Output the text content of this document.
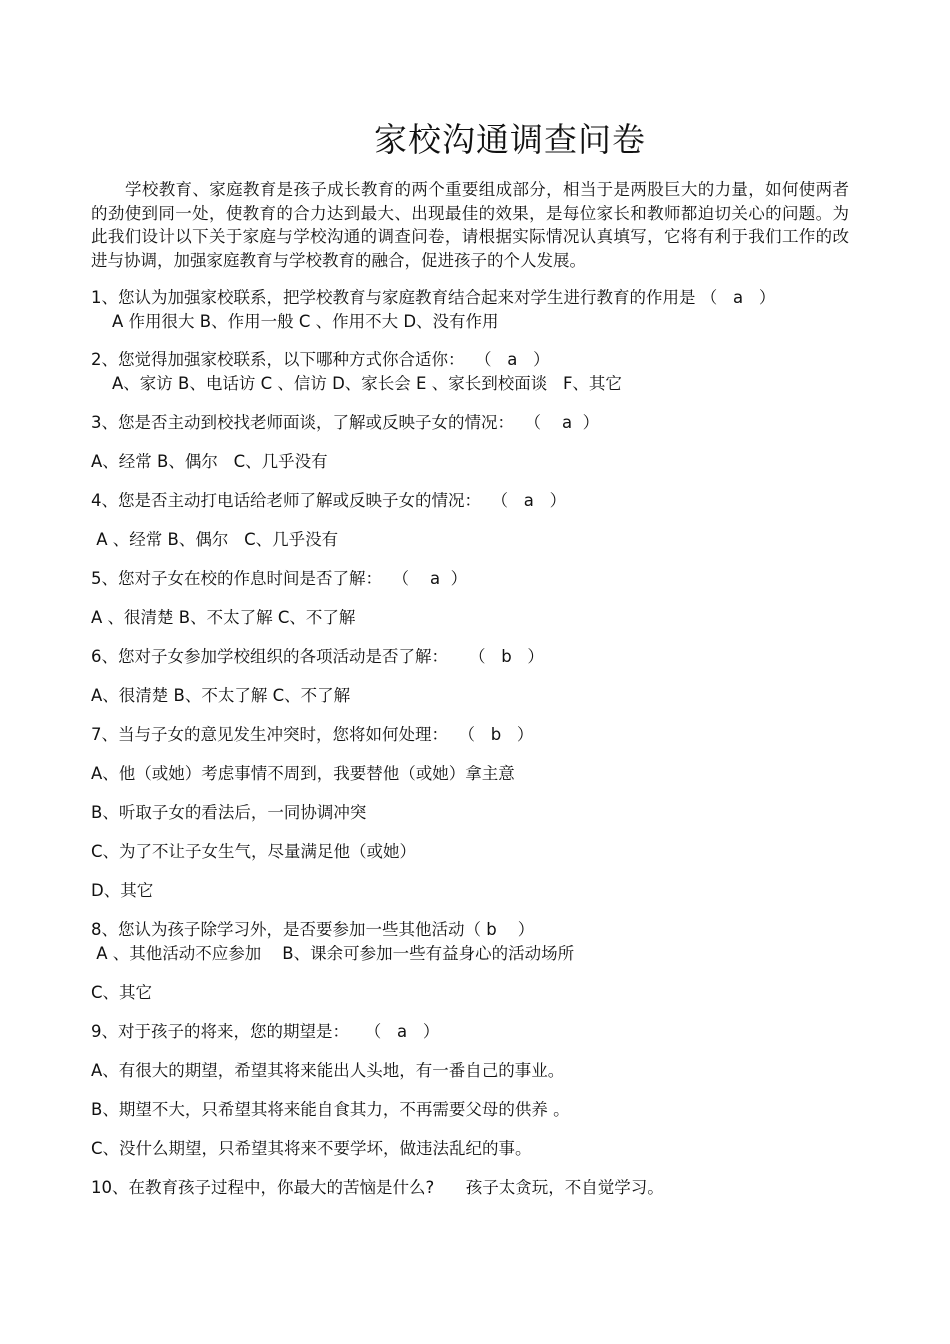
家校沟通调查问卷

学校教育、家庭教育是孩子成长教育的两个重要组成部分，相当于是两股巨大的力量，如何使两者的劲使到同一处，使教育的合力达到最大、出现最佳的效果，是每位家长和教师都迫切关心的问题。为此我们设计以下关于家庭与学校沟通的调查问卷，请根据实际情况认真填写，它将有利于我们工作的改进与协调，加强家庭教育与学校教育的融合，促进孩子的个人发展。

1、您认为加强家校联系，把学校教育与家庭教育结合起来对学生进行教育的作用是 （   a   ）
A 作用很大 B、作用一般 C 、作用不大 D、没有作用
2、您觉得加强家校联系，以下哪种方式你合适你：  （   a   ）
A、家访 B、电话访 C 、信访 D、家长会 E 、家长到校面谈   F、其它
3、您是否主动到校找老师面谈，了解或反映子女的情况：  （    a  ）
A、经常 B、偶尔   C、几乎没有
4、您是否主动打电话给老师了解或反映子女的情况：  （   a   ）
A 、经常 B、偶尔   C、几乎没有
5、您对子女在校的作息时间是否了解：  （    a  ）
A 、很清楚 B、不太了解 C、不了解
6、您对子女参加学校组织的各项活动是否了解：    （   b   ）
A、很清楚 B、不太了解 C、不了解
7、当与子女的意见发生冲突时，您将如何处理：  （   b   ）
A、他（或她）考虑事情不周到，我要替他（或她）拿主意
B、听取子女的看法后，一同协调冲突
C、为了不让子女生气，尽量满足他（或她）
D、其它
8、您认为孩子除学习外，是否要参加一些其他活动（ b    ）
A 、其他活动不应参加    B、课余可参加一些有益身心的活动场所
C、其它
9、对于孩子的将来，您的期望是：   （   a   ）
A、有很大的期望，希望其将来能出人头地，有一番自己的事业。
B、期望不大，只希望其将来能自食其力，不再需要父母的供养 。
C、没什么期望，只希望其将来不要学坏，做违法乱纪的事。
10、在教育孩子过程中，你最大的苦恼是什么?      孩子太贪玩，不自觉学习。
